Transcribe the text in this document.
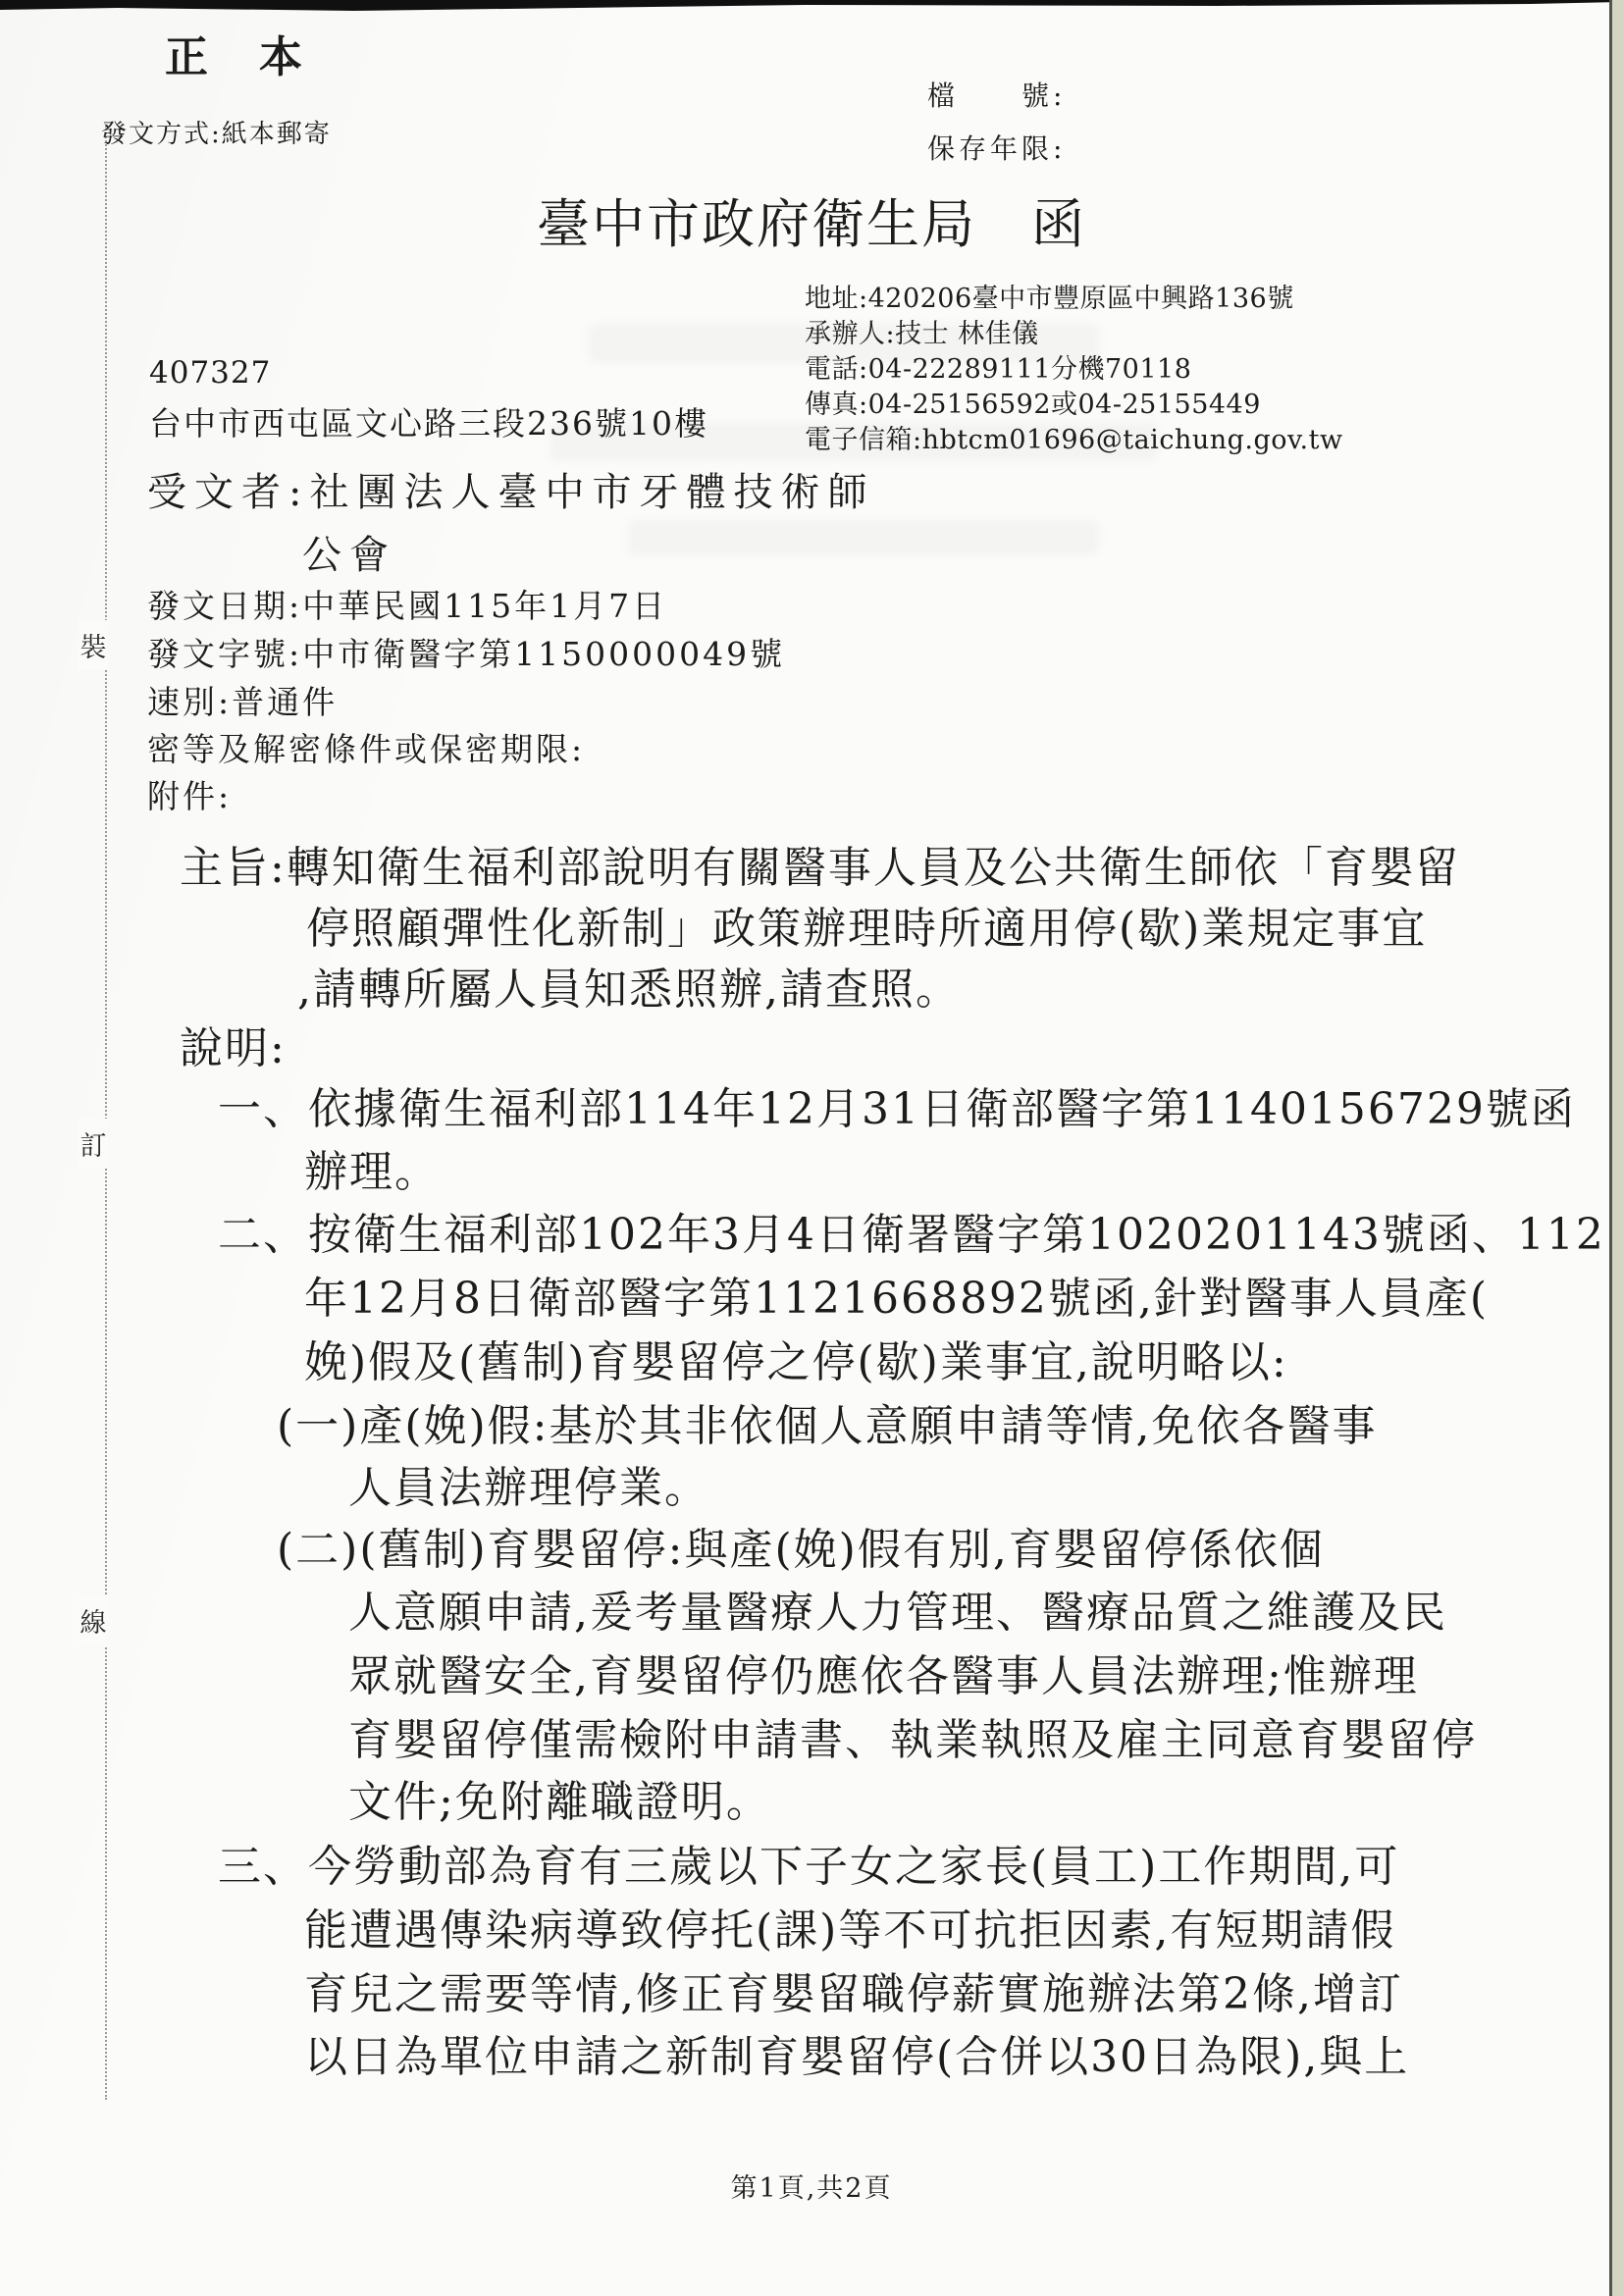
裝
訂
線
正　本
檔　　號:
保存年限:
發文方式:紙本郵寄
臺中市政府衛生局　函
地址:420206臺中市豐原區中興路136號
承辦人:技士 林佳儀
電話:04-22289111分機70118
傳真:04-25156592或04-25155449
電子信箱:hbtcm01696@taichung.gov.tw
407327
台中市西屯區文心路三段236號10樓
受文者:社團法人臺中市牙體技術師
公會
發文日期:中華民國115年1月7日
發文字號:中市衛醫字第1150000049號
速別:普通件
密等及解密條件或保密期限:
附件:
主旨:轉知衛生福利部說明有關醫事人員及公共衛生師依「育嬰留
停照顧彈性化新制」政策辦理時所適用停(歇)業規定事宜
,請轉所屬人員知悉照辦,請查照。
說明:
一、依據衛生福利部114年12月31日衛部醫字第1140156729號函
辦理。
二、按衛生福利部102年3月4日衛署醫字第1020201143號函、112
年12月8日衛部醫字第1121668892號函,針對醫事人員產(
娩)假及(舊制)育嬰留停之停(歇)業事宜,說明略以:
(一)產(娩)假:基於其非依個人意願申請等情,免依各醫事
人員法辦理停業。
(二)(舊制)育嬰留停:與產(娩)假有別,育嬰留停係依個
人意願申請,爰考量醫療人力管理、醫療品質之維護及民
眾就醫安全,育嬰留停仍應依各醫事人員法辦理;惟辦理
育嬰留停僅需檢附申請書、執業執照及雇主同意育嬰留停
文件;免附離職證明。
三、今勞動部為育有三歲以下子女之家長(員工)工作期間,可
能遭遇傳染病導致停托(課)等不可抗拒因素,有短期請假
育兒之需要等情,修正育嬰留職停薪實施辦法第2條,增訂
以日為單位申請之新制育嬰留停(合併以30日為限),與上
第1頁,共2頁
